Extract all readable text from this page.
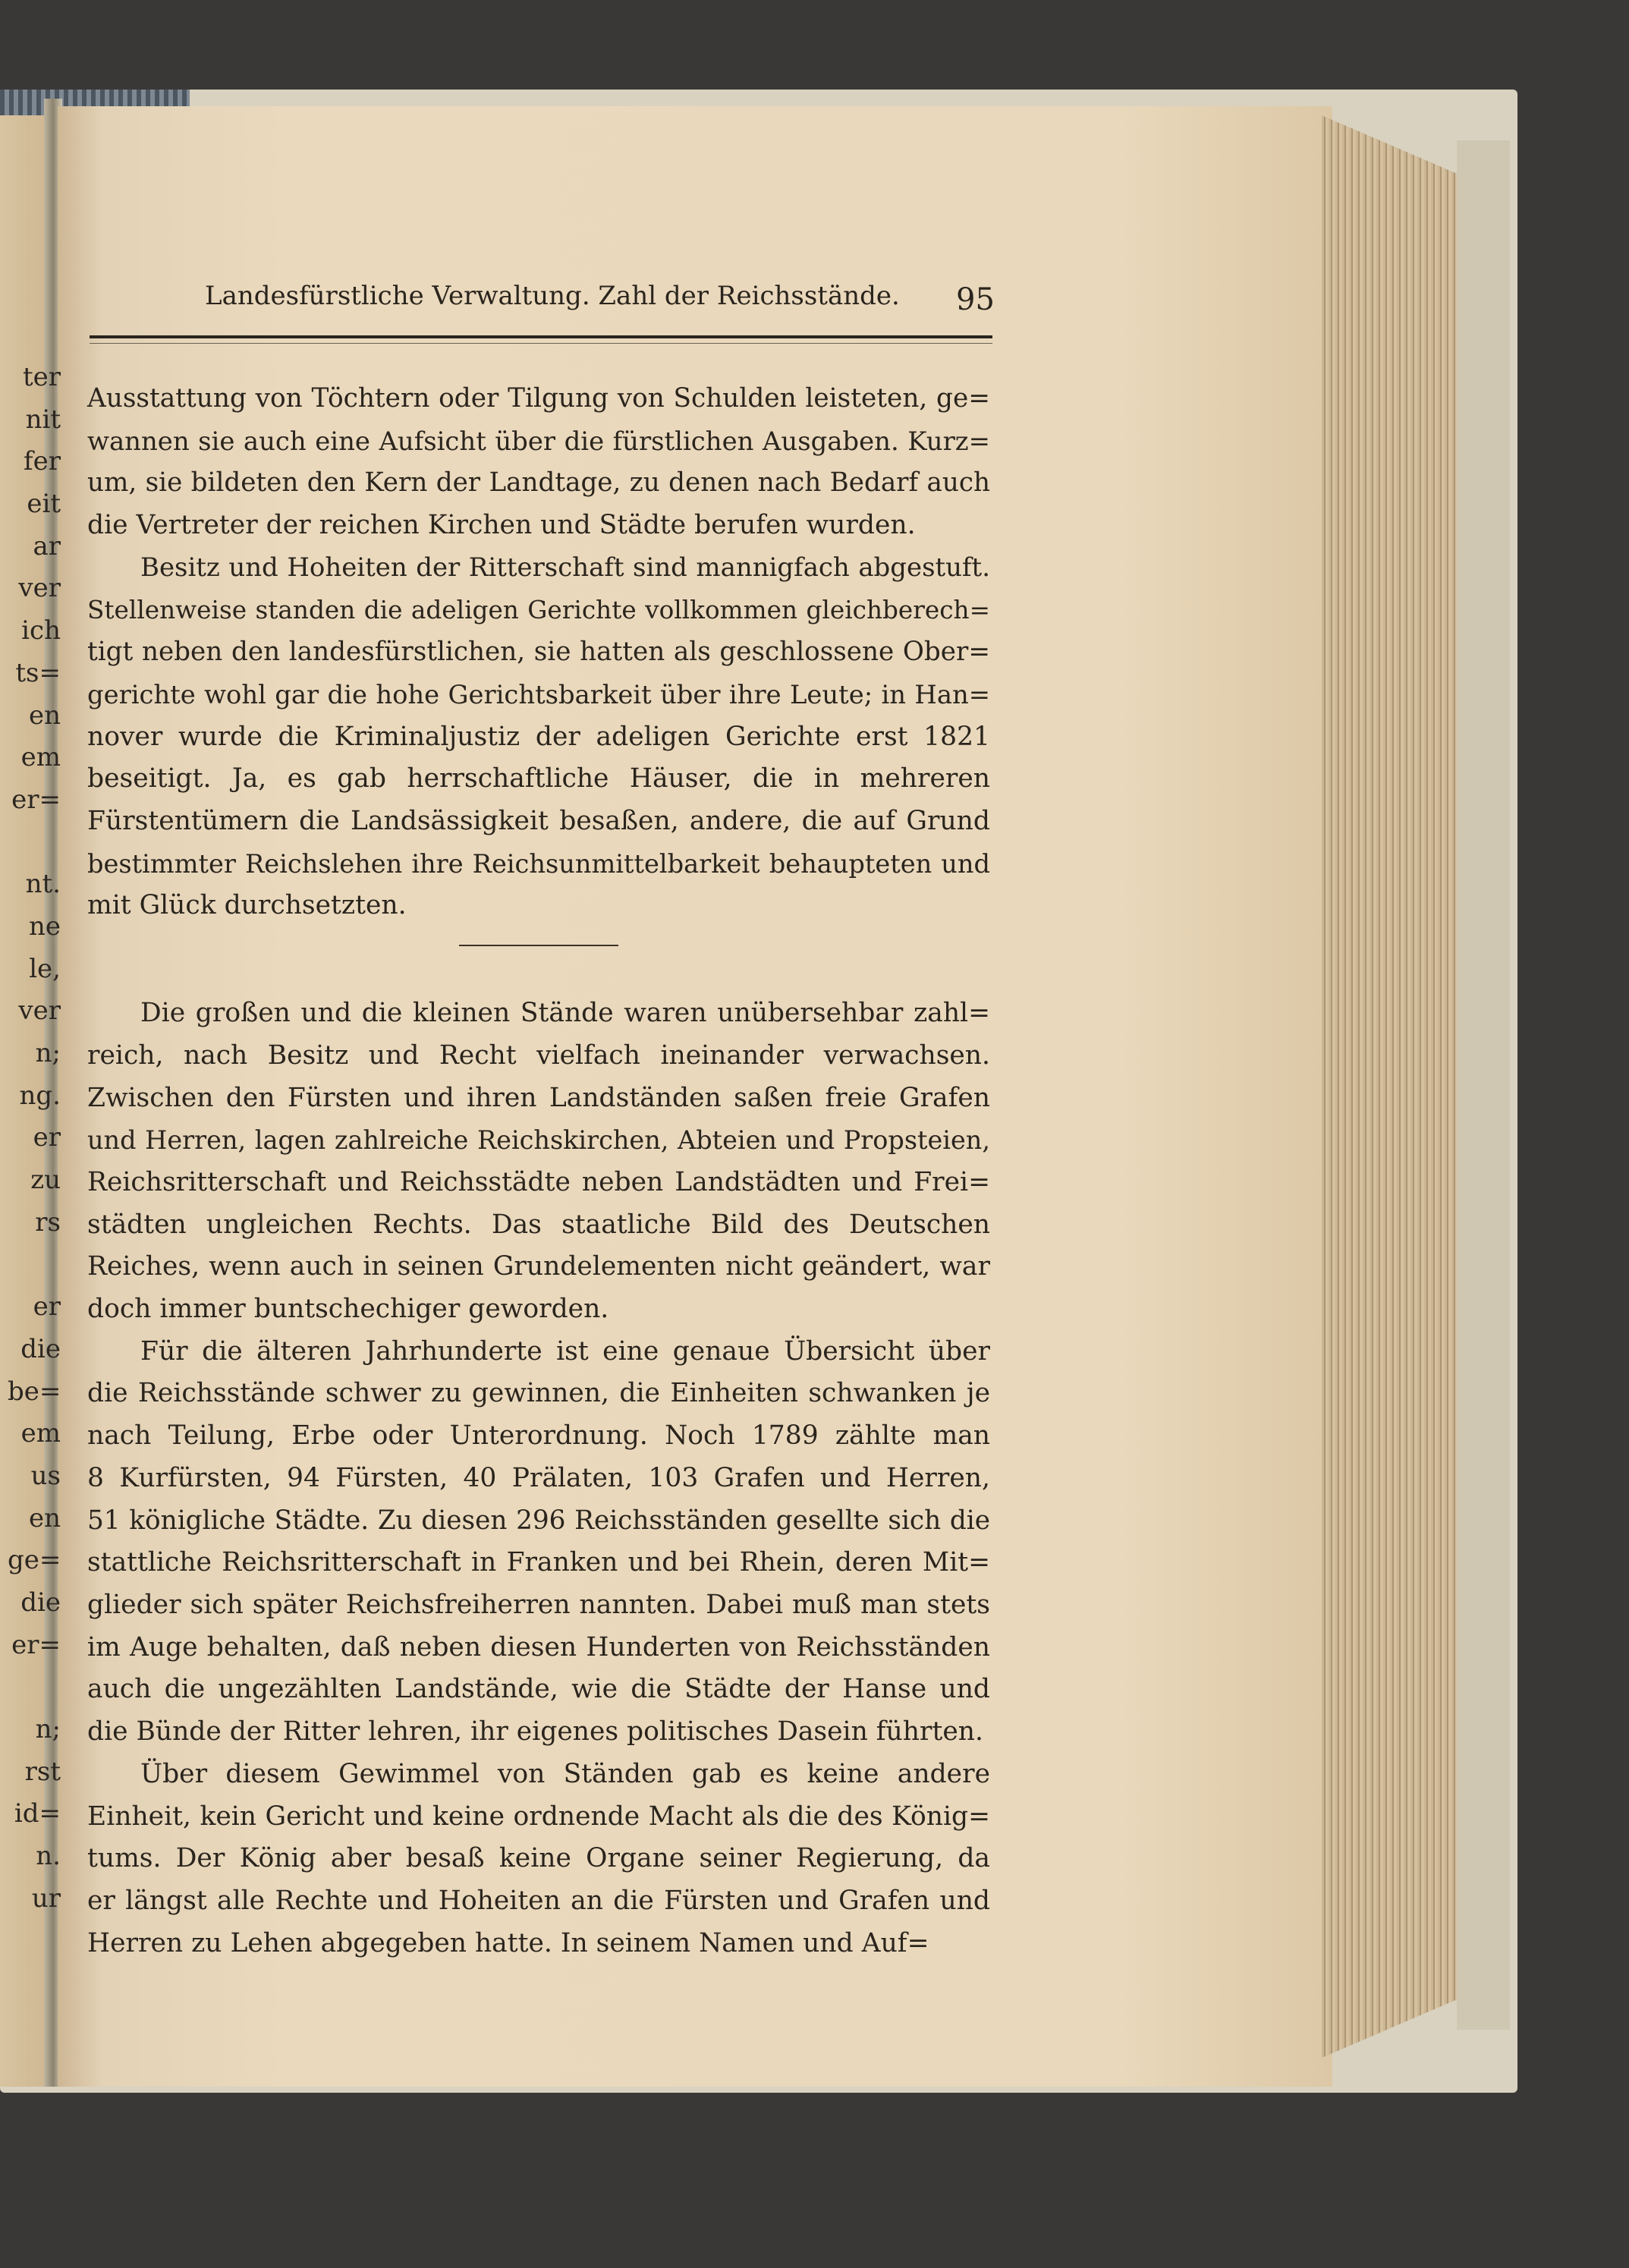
ter
nit
fer
eit
ar
ver
ich
ts=
en
em
er=

nt.
ne
le,
ver
n;
ng.
er
zu
rs

er
die
be=
em
us
en
ge=
die
er=

n;
rst
id=
n.
ur
Landesfürstliche Verwaltung. Zahl der Reichsstände.	95

Ausstattung von Töchtern oder Tilgung von Schulden leisteten, ge=
wannen sie auch eine Aufsicht über die fürstlichen Ausgaben. Kurz=
um, sie bildeten den Kern der Landtage, zu denen nach Bedarf auch
die Vertreter der reichen Kirchen und Städte berufen wurden.

Besitz und Hoheiten der Ritterschaft sind mannigfach abgestuft.
Stellenweise standen die adeligen Gerichte vollkommen gleichberech=
tigt neben den landesfürstlichen, sie hatten als geschlossene Ober=
gerichte wohl gar die hohe Gerichtsbarkeit über ihre Leute; in Han=
nover wurde die Kriminaljustiz der adeligen Gerichte erst 1821
beseitigt. Ja, es gab herrschaftliche Häuser, die in mehreren
Fürstentümern die Landsässigkeit besaßen, andere, die auf Grund
bestimmter Reichslehen ihre Reichsunmittelbarkeit behaupteten und
mit Glück durchsetzten.

Die großen und die kleinen Stände waren unübersehbar zahl=
reich, nach Besitz und Recht vielfach ineinander verwachsen.
Zwischen den Fürsten und ihren Landständen saßen freie Grafen
und Herren, lagen zahlreiche Reichskirchen, Abteien und Propsteien,
Reichsritterschaft und Reichsstädte neben Landstädten und Frei=
städten ungleichen Rechts. Das staatliche Bild des Deutschen
Reiches, wenn auch in seinen Grundelementen nicht geändert, war
doch immer buntschechiger geworden.

Für die älteren Jahrhunderte ist eine genaue Übersicht über
die Reichsstände schwer zu gewinnen, die Einheiten schwanken je
nach Teilung, Erbe oder Unterordnung. Noch 1789 zählte man
8 Kurfürsten, 94 Fürsten, 40 Prälaten, 103 Grafen und Herren,
51 königliche Städte. Zu diesen 296 Reichsständen gesellte sich die
stattliche Reichsritterschaft in Franken und bei Rhein, deren Mit=
glieder sich später Reichsfreiherren nannten. Dabei muß man stets
im Auge behalten, daß neben diesen Hunderten von Reichsständen
auch die ungezählten Landstände, wie die Städte der Hanse und
die Bünde der Ritter lehren, ihr eigenes politisches Dasein führten.

Über diesem Gewimmel von Ständen gab es keine andere
Einheit, kein Gericht und keine ordnende Macht als die des König=
tums. Der König aber besaß keine Organe seiner Regierung, da
er längst alle Rechte und Hoheiten an die Fürsten und Grafen und
Herren zu Lehen abgegeben hatte. In seinem Namen und Auf=
